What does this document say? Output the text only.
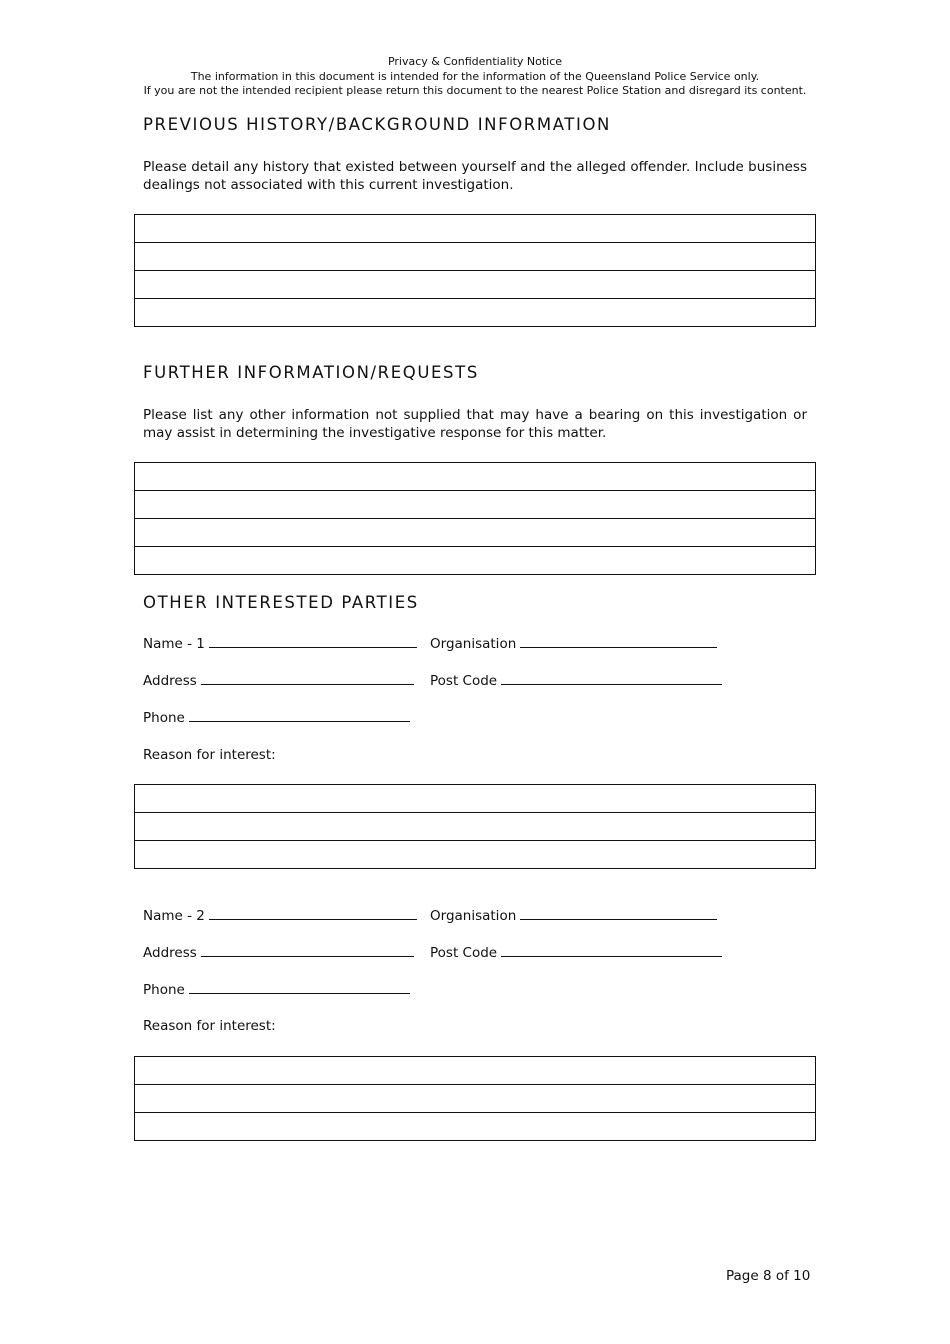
Privacy & Confidentiality Notice
The information in this document is intended for the information of the Queensland Police Service only.
If you are not the intended recipient please return this document to the nearest Police Station and disregard its content.
PREVIOUS HISTORY/BACKGROUND INFORMATION
Please detail any history that existed between yourself and the alleged offender. Include business dealings not associated with this current investigation.
FURTHER INFORMATION/REQUESTS
Please list any other information not supplied that may have a bearing on this investigation or may assist in determining the investigative response for this matter.
OTHER INTERESTED PARTIES
Name - 1	Organisation
Address	Post Code
Phone
Reason for interest:
Name - 2	Organisation
Address	Post Code
Phone
Reason for interest:
Page 8 of 10
